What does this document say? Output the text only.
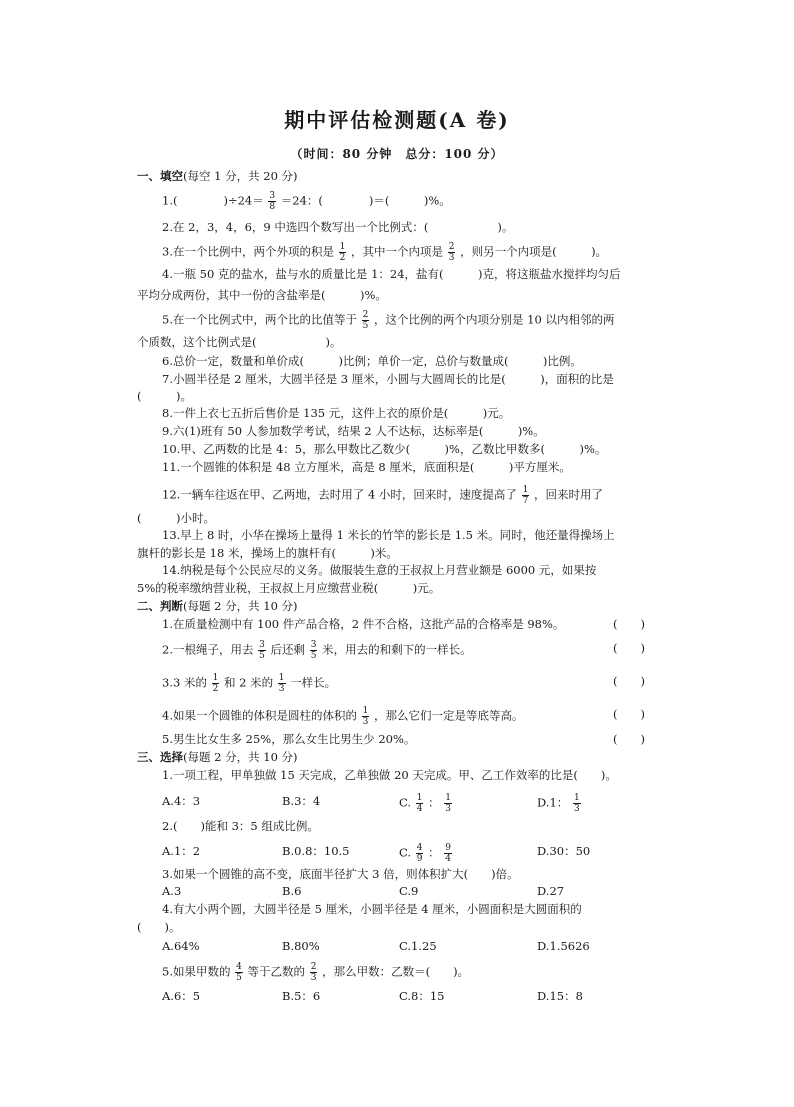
期中评估检测题(A 卷)
（时间：80 分钟　总分：100 分）
一、填空(每空 1 分，共 20 分)
1.(　　　　)$\div 24= \frac{3}{8} =24$：(　　　　)＝(　　　)%。
2.在 2，3，4，6，9 中选四个数写出一个比例式：(　　　　　　)。
3.在一个比例中，两个外项的积是 $\frac{1}{2}$ ，其中一个内项是 $\frac{2}{3}$ ，则另一个内项是(　　　)。
4.一瓶 50 克的盐水，盐与水的质量比是 1：24，盐有(　　　)克，将这瓶盐水搅拌均匀后
平均分成两份，其中一份的含盐率是(　　　)%。
5.在一个比例式中，两个比的比值等于 $\frac{2}{5}$ ，这个比例的两个内项分别是 10 以内相邻的两
个质数，这个比例式是(　　　　　　)。
6.总价一定，数量和单价成(　　　)比例；单价一定，总价与数量成(　　　)比例。
7.小圆半径是 2 厘米，大圆半径是 3 厘米，小圆与大圆周长的比是(　　　)，面积的比是
(　　　)。
8.一件上衣七五折后售价是 135 元，这件上衣的原价是(　　　)元。
9.六(1)班有 50 人参加数学考试，结果 2 人不达标，达标率是(　　　)%。
10.甲、乙两数的比是 4：5，那么甲数比乙数少(　　　)%，乙数比甲数多(　　　)%。
11.一个圆锥的体积是 48 立方厘米，高是 8 厘米，底面积是(　　　)平方厘米。
12.一辆车往返在甲、乙两地，去时用了 4 小时，回来时，速度提高了 $\frac{1}{7}$ ，回来时用了
(　　　)小时。
13.早上 8 时，小华在操场上量得 1 米长的竹竿的影长是 1.5 米。同时，他还量得操场上
旗杆的影长是 18 米，操场上的旗杆有(　　　)米。
14.纳税是每个公民应尽的义务。做服装生意的王叔叔上月营业额是 6000 元，如果按
5%的税率缴纳营业税，王叔叔上月应缴营业税(　　　)元。
二、判断(每题 2 分，共 10 分)
1.在质量检测中有 100 件产品合格，2 件不合格，这批产品的合格率是 98%。	(　　)
2.一根绳子，用去 $\frac{3}{5}$ 后还剩 $\frac{3}{5}$ 米，用去的和剩下的一样长。	(　　)
3.3 米的 $\frac{1}{2}$ 和 2 米的 $\frac{1}{3}$ 一样长。	(　　)
4.如果一个圆锥的体积是圆柱的体积的 $\frac{1}{3}$ ，那么它们一定是等底等高。	(　　)
5.男生比女生多 25%，那么女生比男生少 20%。	(　　)
三、选择(每题 2 分，共 10 分)
1.一项工程，甲单独做 15 天完成，乙单独做 20 天完成。甲、乙工作效率的比是(　　)。
A.4：3	B.3：4	C. $\frac{1}{4}$ ： $\frac{1}{3}$	D.1： $\frac{1}{3}$
2.(　　)能和 3：5 组成比例。
A.1：2	B.0.8：10.5	C. $\frac{4}{9}$ ： $\frac{9}{4}$	D.30：50
3.如果一个圆锥的高不变，底面半径扩大 3 倍，则体积扩大(　　)倍。
A.3	B.6	C.9	D.27
4.有大小两个圆，大圆半径是 5 厘米，小圆半径是 4 厘米，小圆面积是大圆面积的
(　　)。
A.64%	B.80%	C.1.25	D.1.5626
5.如果甲数的 $\frac{4}{5}$ 等于乙数的 $\frac{2}{3}$ ，那么甲数：乙数＝(　　)。
A.6：5	B.5：6	C.8：15	D.15：8
